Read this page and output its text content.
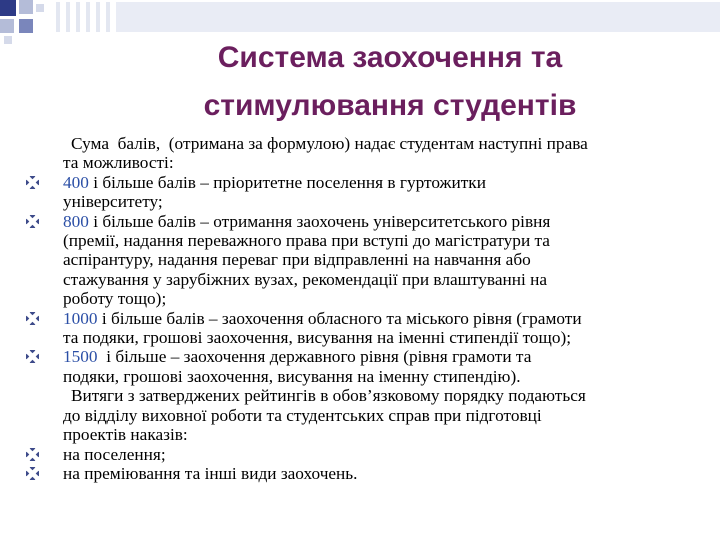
Система заохочення та
стимулювання студентів
Сума  балів,  (отримана за формулою) надає студентам наступні права
та можливості:
400 і більше балів – пріоритетне поселення в гуртожитки
університету;
800 і більше балів – отримання заохочень університетського рівня
(премії, надання переважного права при вступі до магістратури та
аспірантуру, надання переваг при відправленні на навчання або
стажування у зарубіжних вузах, рекомендації при влаштуванні на
роботу тощо);
1000 і більше балів – заохочення обласного та міського рівня (грамоти
та подяки, грошові заохочення, висування на іменні стипендії тощо);
1500  і більше – заохочення державного рівня (рівня грамоти та
подяки, грошові заохочення, висування на іменну стипендію).
Витяги з затверджених рейтингів в обов’язковому порядку подаються
до відділу виховної роботи та студентських справ при підготовці
проектів наказів:
на поселення;
на преміювання та інші види заохочень.
